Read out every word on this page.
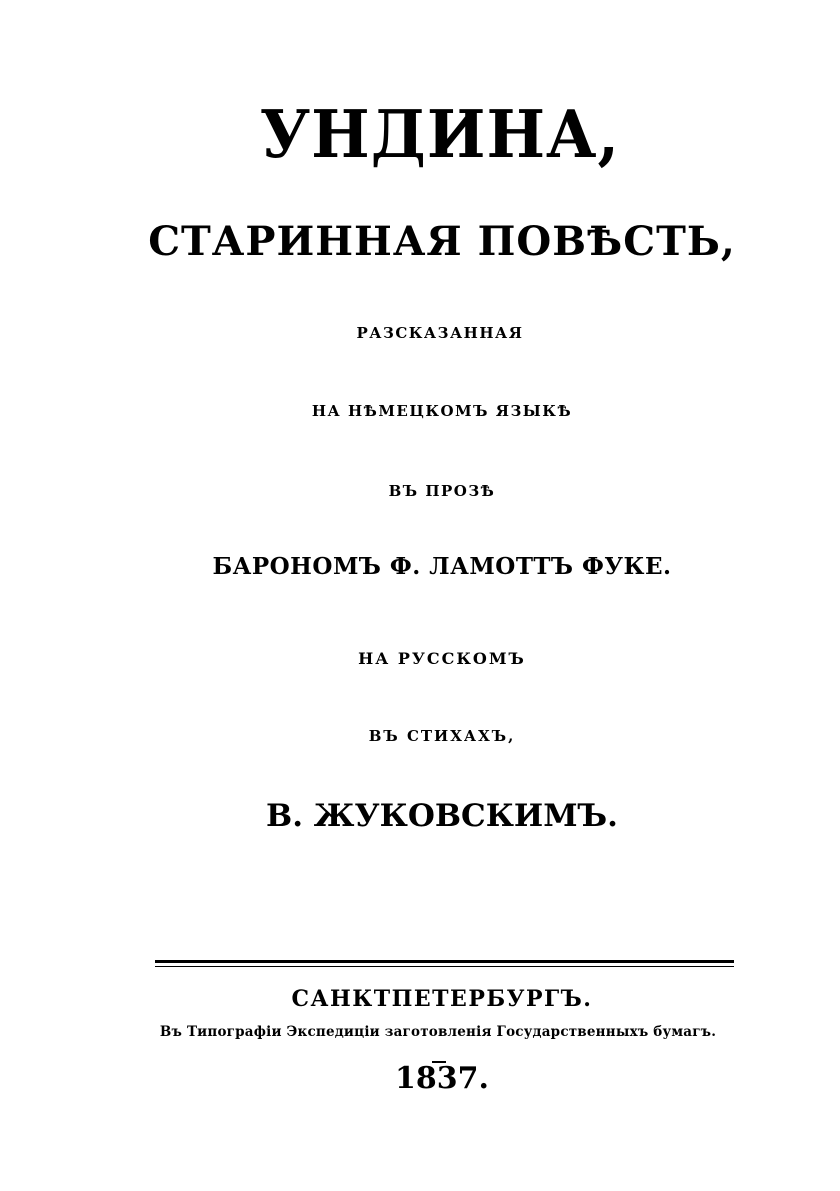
УНДИНА,
СТАРИННАЯ ПОВѢСТЬ,
РАЗСКАЗАННАЯ
НА НѢМЕЦКОМЪ ЯЗЫКѢ
ВЪ ПРОЗѢ
БАРОНОМЪ Ф. ЛАМОТТЪ ФУКЕ.
НА РУССКОМЪ
ВЪ СТИХАХЪ,
В. ЖУКОВСКИМЪ.
САНКТПЕТЕРБУРГЪ.
Въ Типографіи Экспедиціи заготовленія Государственныхъ бумагъ.
1837.
